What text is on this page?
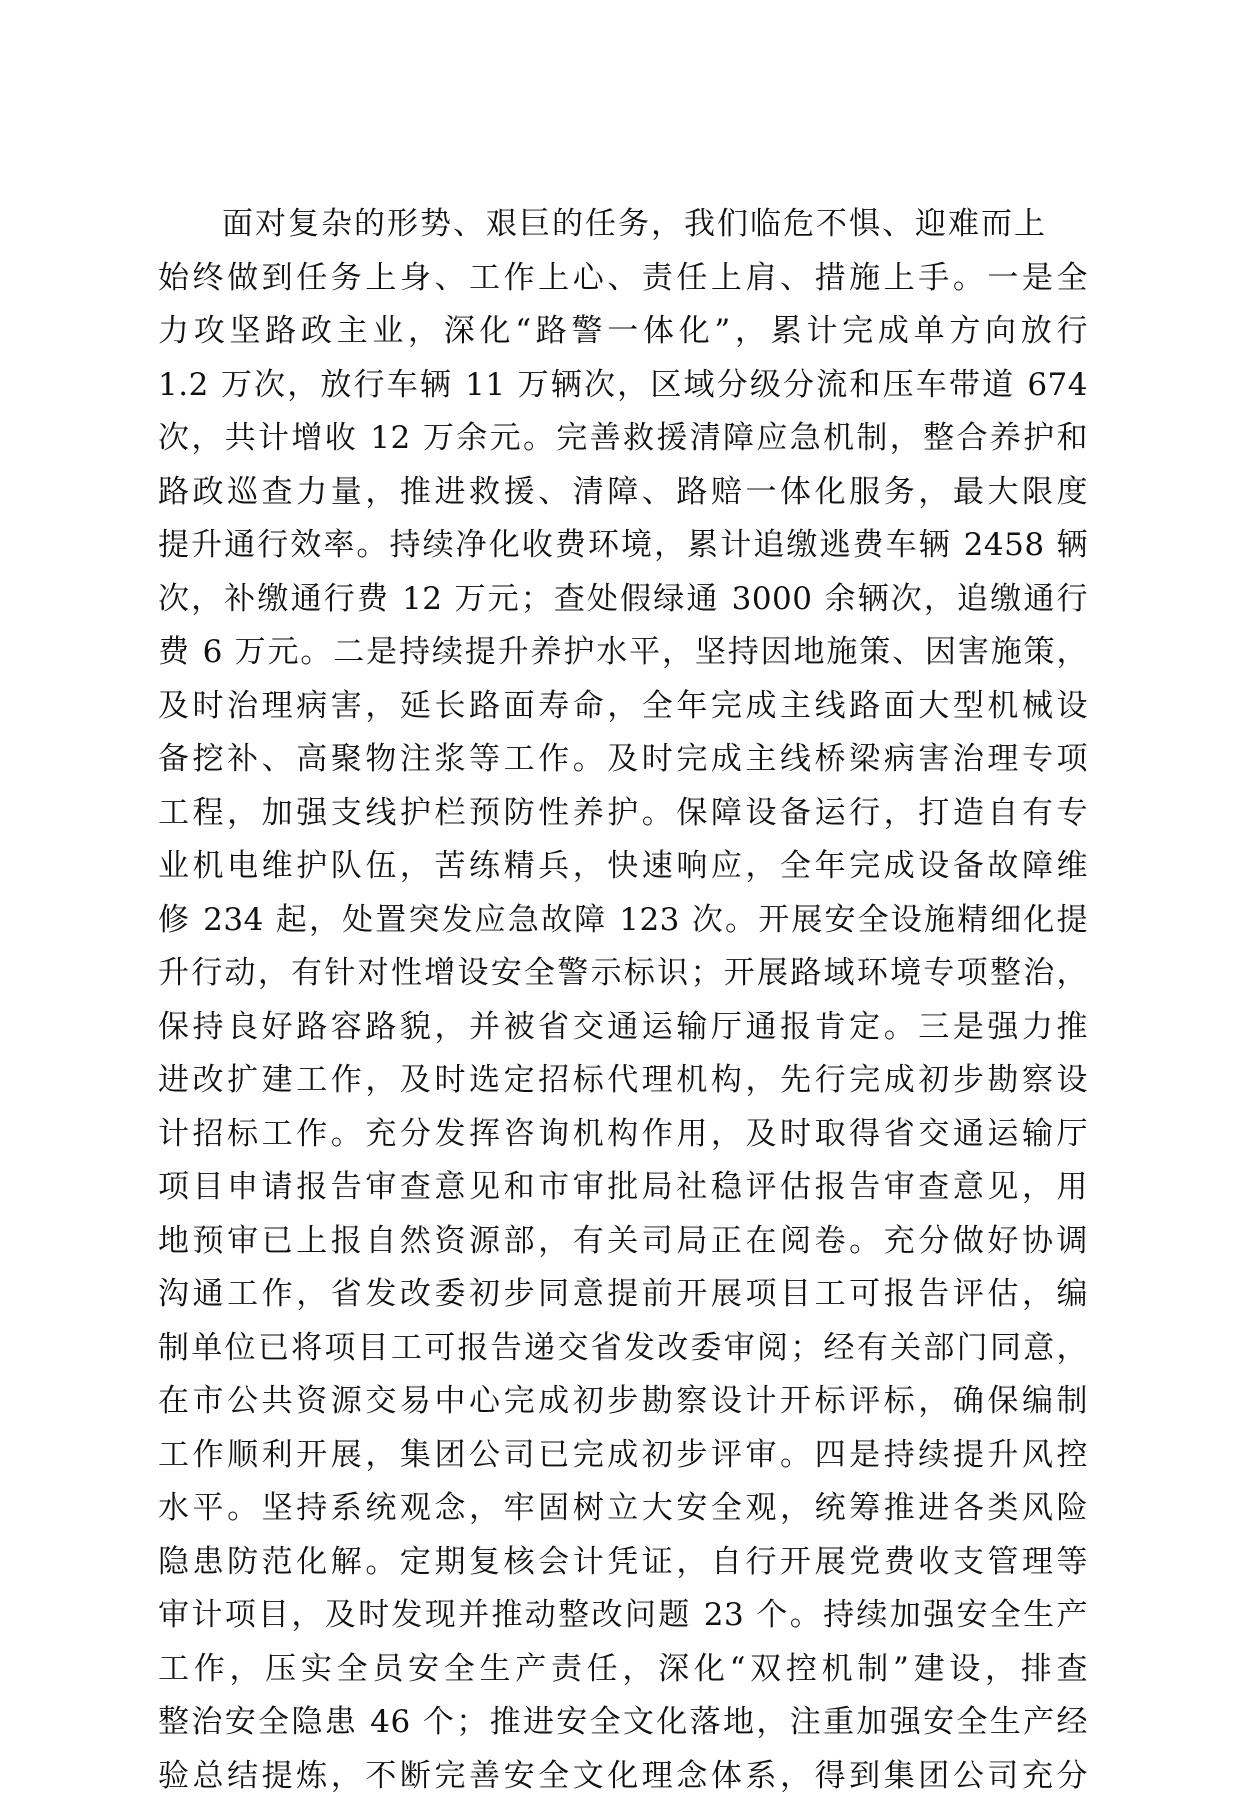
面对复杂的形势、艰巨的任务，我们临危不惧、迎难而上
始终做到任务上身、工作上心、责任上肩、措施上手。一是全
力攻坚路政主业，深化“路警一体化”，累计完成单方向放行
1.2 万次，放行车辆 11 万辆次，区域分级分流和压车带道 674
次，共计增收 12 万余元。完善救援清障应急机制，整合养护和
路政巡查力量，推进救援、清障、路赔一体化服务，最大限度
提升通行效率。持续净化收费环境，累计追缴逃费车辆 2458 辆
次，补缴通行费 12 万元；查处假绿通 3000 余辆次，追缴通行
费 6 万元。二是持续提升养护水平，坚持因地施策、因害施策，
及时治理病害，延长路面寿命，全年完成主线路面大型机械设
备挖补、高聚物注浆等工作。及时完成主线桥梁病害治理专项
工程，加强支线护栏预防性养护。保障设备运行，打造自有专
业机电维护队伍，苦练精兵，快速响应，全年完成设备故障维
修 234 起，处置突发应急故障 123 次。开展安全设施精细化提
升行动，有针对性增设安全警示标识；开展路域环境专项整治，
保持良好路容路貌，并被省交通运输厅通报肯定。三是强力推
进改扩建工作，及时选定招标代理机构，先行完成初步勘察设
计招标工作。充分发挥咨询机构作用，及时取得省交通运输厅
项目申请报告审查意见和市审批局社稳评估报告审查意见，用
地预审已上报自然资源部，有关司局正在阅卷。充分做好协调
沟通工作，省发改委初步同意提前开展项目工可报告评估，编
制单位已将项目工可报告递交省发改委审阅；经有关部门同意，
在市公共资源交易中心完成初步勘察设计开标评标，确保编制
工作顺利开展，集团公司已完成初步评审。四是持续提升风控
水平。坚持系统观念，牢固树立大安全观，统筹推进各类风险
隐患防范化解。定期复核会计凭证，自行开展党费收支管理等
审计项目，及时发现并推动整改问题 23 个。持续加强安全生产
工作，压实全员安全生产责任，深化“双控机制”建设，排查
整治安全隐患 46 个；推进安全文化落地，注重加强安全生产经
验总结提炼，不断完善安全文化理念体系，得到集团公司充分
